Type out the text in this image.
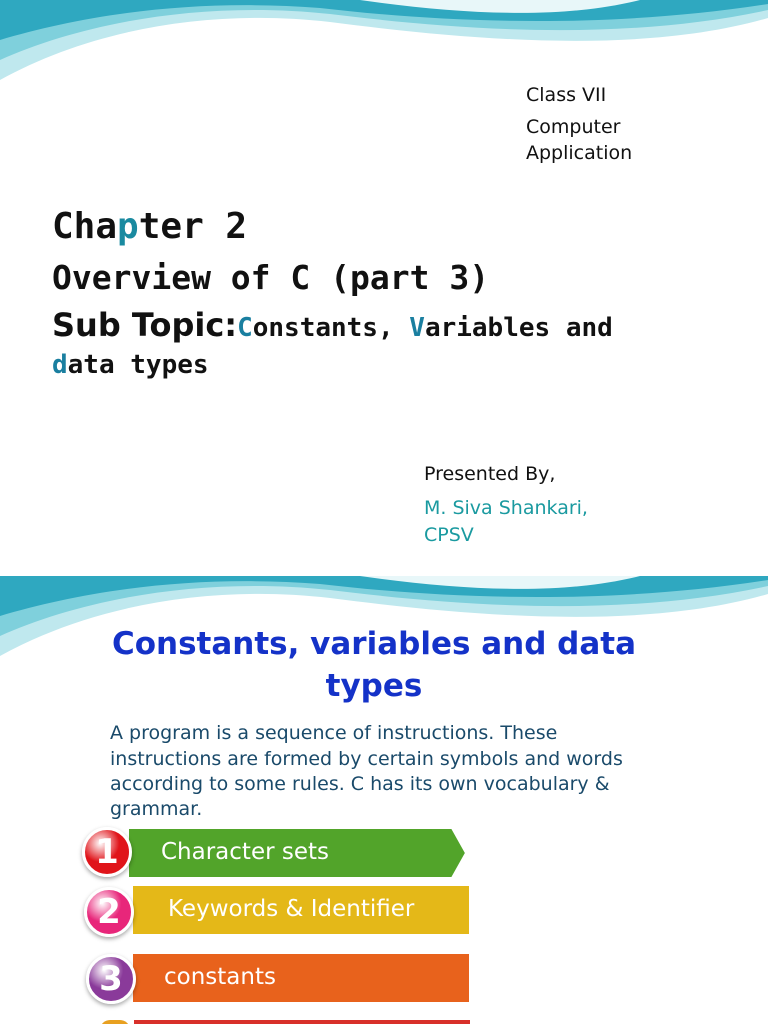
Class VII
Computer
Application
Chapter 2
Overview of C (part 3)
Sub Topic:Constants, Variables and
data types
Presented By,
M. Siva Shankari,
CPSV
Constants, variables and data
types
A program is a sequence of instructions. These
instructions are formed by certain symbols and words
according to some rules. C has its own vocabulary &
grammar.
Character sets
1
Keywords & Identifier
2
constants
3
